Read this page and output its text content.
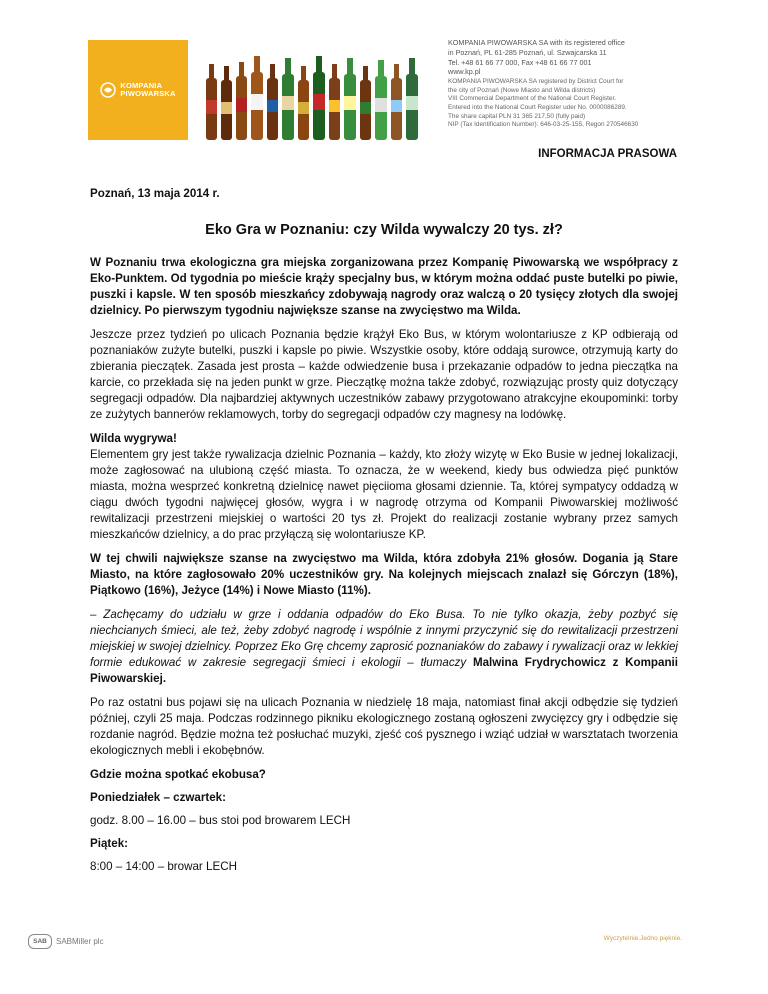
KOMPANIA
PIWOWARSKA
KOMPANIA PIWOWARSKA SA with its registered office
in Poznań, PL 61-285 Poznań, ul. Szwajcarska 11
Tel. +48 61 66 77 000, Fax +48 61 66 77 001
www.kp.pl
KOMPANIA PIWOWARSKA SA registered by District Court for
the city of Poznań (Nowe Miasto and Wilda districts)
VIII Commercial Department of the National Court Register.
Entered into the National Court Register uder No. 0000086289.
The share capital PLN 31 365 217,50 (fully paid)
NIP (Tax Identification Number): 646-03-25-155, Regon 270546630
INFORMACJA PRASOWA
Poznań, 13 maja 2014 r.
Eko Gra w Poznaniu: czy Wilda wywalczy 20 tys. zł?

W Poznaniu trwa ekologiczna gra miejska zorganizowana przez Kompanię Piwowarską we współpracy z Eko-Punktem. Od tygodnia po mieście krąży specjalny bus, w którym można oddać puste butelki po piwie, puszki i kapsle. W ten sposób mieszkańcy zdobywają nagrody oraz walczą o 20 tysięcy złotych dla swojej dzielnicy. Po pierwszym tygodniu największe szanse na zwycięstwo ma Wilda.

Jeszcze przez tydzień po ulicach Poznania będzie krążył Eko Bus, w którym wolontariusze z KP odbierają od poznaniaków zużyte butelki, puszki i kapsle po piwie. Wszystkie osoby, które oddają surowce, otrzymują karty do zbierania pieczątek. Zasada jest prosta – każde odwiedzenie busa i przekazanie odpadów to jedna pieczątka na karcie, co przekłada się na jeden punkt w grze. Pieczątkę można także zdobyć, rozwiązując prosty quiz dotyczący segregacji odpadów. Dla najbardziej aktywnych uczestników zabawy przygotowano atrakcyjne ekoupominki: torby ze zużytych bannerów reklamowych, torby do segregacji odpadów czy magnesy na lodówkę.

Wilda wygrywa!
Elementem gry jest także rywalizacja dzielnic Poznania – każdy, kto złoży wizytę w Eko Busie w jednej lokalizacji, może zagłosować na ulubioną część miasta. To oznacza, że w weekend, kiedy bus odwiedza pięć punktów miasta, można wesprzeć konkretną dzielnicę nawet pięciioma głosami dziennie. Ta, której sympatycy oddadzą w ciągu dwóch tygodni najwięcej głosów, wygra i w nagrodę otrzyma od Kompanii Piwowarskiej możliwość rewitalizacji przestrzeni miejskiej o wartości 20 tys zł. Projekt do realizacji zostanie wybrany przez samych mieszkańców dzielnicy, a do prac przyłączą się wolontariusze KP.

W tej chwili największe szanse na zwycięstwo ma Wilda, która zdobyła 21% głosów. Dogania ją Stare Miasto, na które zagłosowało 20% uczestników gry. Na kolejnych miejscach znalazł się Górczyn (18%), Piątkowo (16%), Jeżyce (14%) i Nowe Miasto (11%).

– Zachęcamy do udziału w grze i oddania odpadów do Eko Busa. To nie tylko okazja, żeby pozbyć się niechcianych śmieci, ale też, żeby zdobyć nagrodę i wspólnie z innymi przyczynić się do rewitalizacji przestrzeni miejskiej w swojej dzielnicy. Poprzez Eko Grę chcemy zaprosić poznaniaków do zabawy i rywalizacji oraz w lekkiej formie edukować w zakresie segregacji śmieci i ekologii – tłumaczy Malwina Frydrychowicz z Kompanii Piwowarskiej.

Po raz ostatni bus pojawi się na ulicach Poznania w niedzielę 18 maja, natomiast finał akcji odbędzie się tydzień później, czyli 25 maja. Podczas rodzinnego pikniku ekologicznego zostaną ogłoszeni zwycięzcy gry i odbędzie się rozdanie nagród. Będzie można też posłuchać muzyki, zjeść coś pysznego i wziąć udział w warsztatach tworzenia ekologicznych mebli i ekobębnów.

Gdzie można spotkać ekobusa?
Poniedziałek – czwartek:
godz. 8.00 – 16.00 – bus stoi pod browarem LECH
Piątek:
8:00 – 14:00 – browar LECH
SAB	SABMiller plc	Wyczytelnie.Jedno pięknie.
